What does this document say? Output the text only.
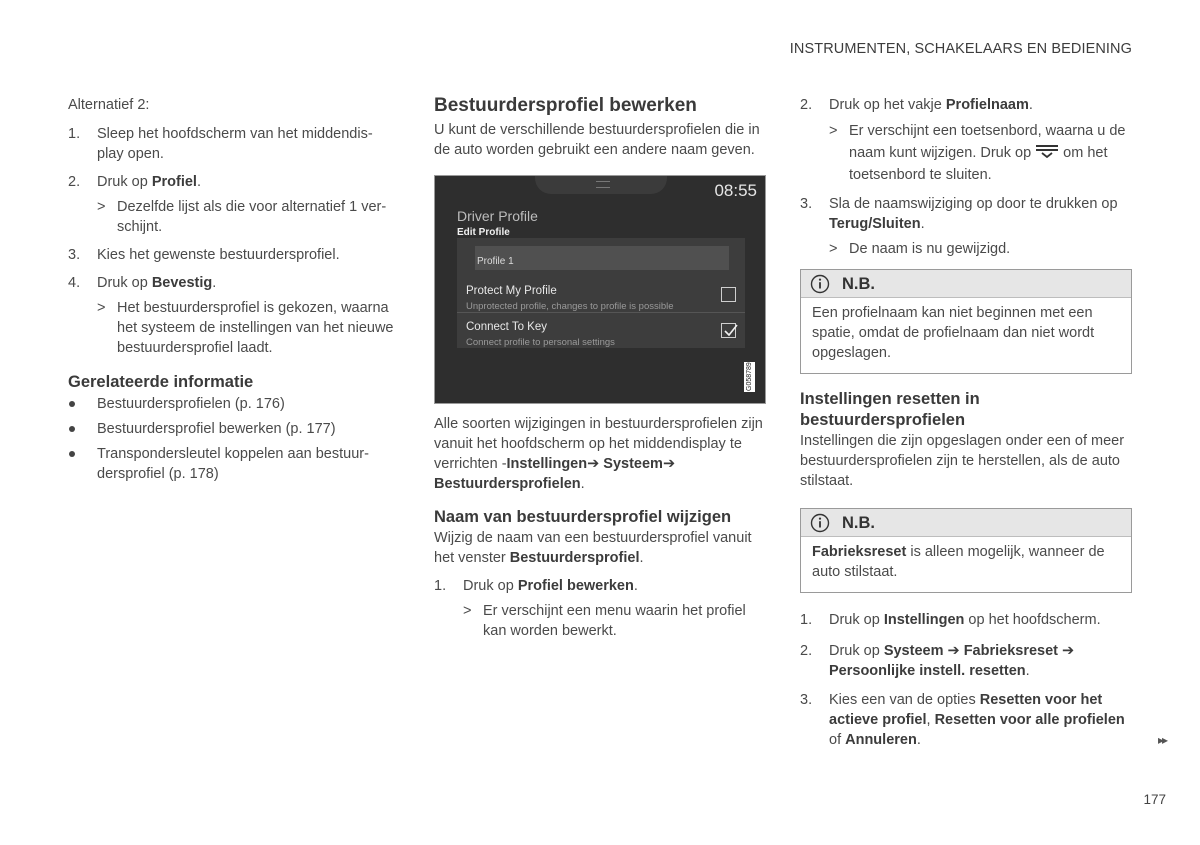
INSTRUMENTEN, SCHAKELAARS EN BEDIENING

Alternatief 2:

1. Sleep het hoofdscherm van het middendis- play open.
2. Druk op Profiel.
> Dezelfde lijst als die voor alternatief 1 ver- schijnt.
3. Kies het gewenste bestuurdersprofiel.
4. Druk op Bevestig.
> Het bestuurdersprofiel is gekozen, waarna het systeem de instellingen van het nieuwe bestuurdersprofiel laadt.
Gerelateerde informatie
Bestuurdersprofielen (p. 176)
Bestuurdersprofiel bewerken (p. 177)
Transpondersleutel koppelen aan bestuur- dersprofiel (p. 178)
Bestuurdersprofiel bewerken

U kunt de verschillende bestuurdersprofielen die in de auto worden gebruikt een andere naam geven.

08:55
Driver Profile
Edit Profile
Profile 1
Protect My Profile
Unprotected profile, changes to profile is possible
Connect To Key
Connect profile to personal settings
G058789

Alle soorten wijzigingen in bestuurdersprofielen zijn vanuit het hoofdscherm op het middendisplay te verrichten -Instellingen➔ Systeem➔ Bestuurdersprofielen.

Naam van bestuurdersprofiel wijzigen

Wijzig de naam van een bestuurdersprofiel vanuit het venster Bestuurdersprofiel.

1. Druk op Profiel bewerken.
> Er verschijnt een menu waarin het profiel kan worden bewerkt.
2. Druk op het vakje Profielnaam.
> Er verschijnt een toetsenbord, waarna u de naam kunt wijzigen. Druk op om het toetsenbord te sluiten.
3. Sla de naamswijziging op door te drukken op Terug/Sluiten.
> De naam is nu gewijzigd.
N.B.
Een profielnaam kan niet beginnen met een spatie, omdat de profielnaam dan niet wordt opgeslagen.
Instellingen resetten in bestuurdersprofielen

Instellingen die zijn opgeslagen onder een of meer bestuurdersprofielen zijn te herstellen, als de auto stilstaat.

N.B.
Fabrieksreset is alleen mogelijk, wanneer de auto stilstaat.
1. Druk op Instellingen op het hoofdscherm.
2. Druk op Systeem ➔ Fabrieksreset ➔ Persoonlijke instell. resetten.
3. Kies een van de opties Resetten voor het actieve profiel, Resetten voor alle profielen of Annuleren.	▸▸
177
